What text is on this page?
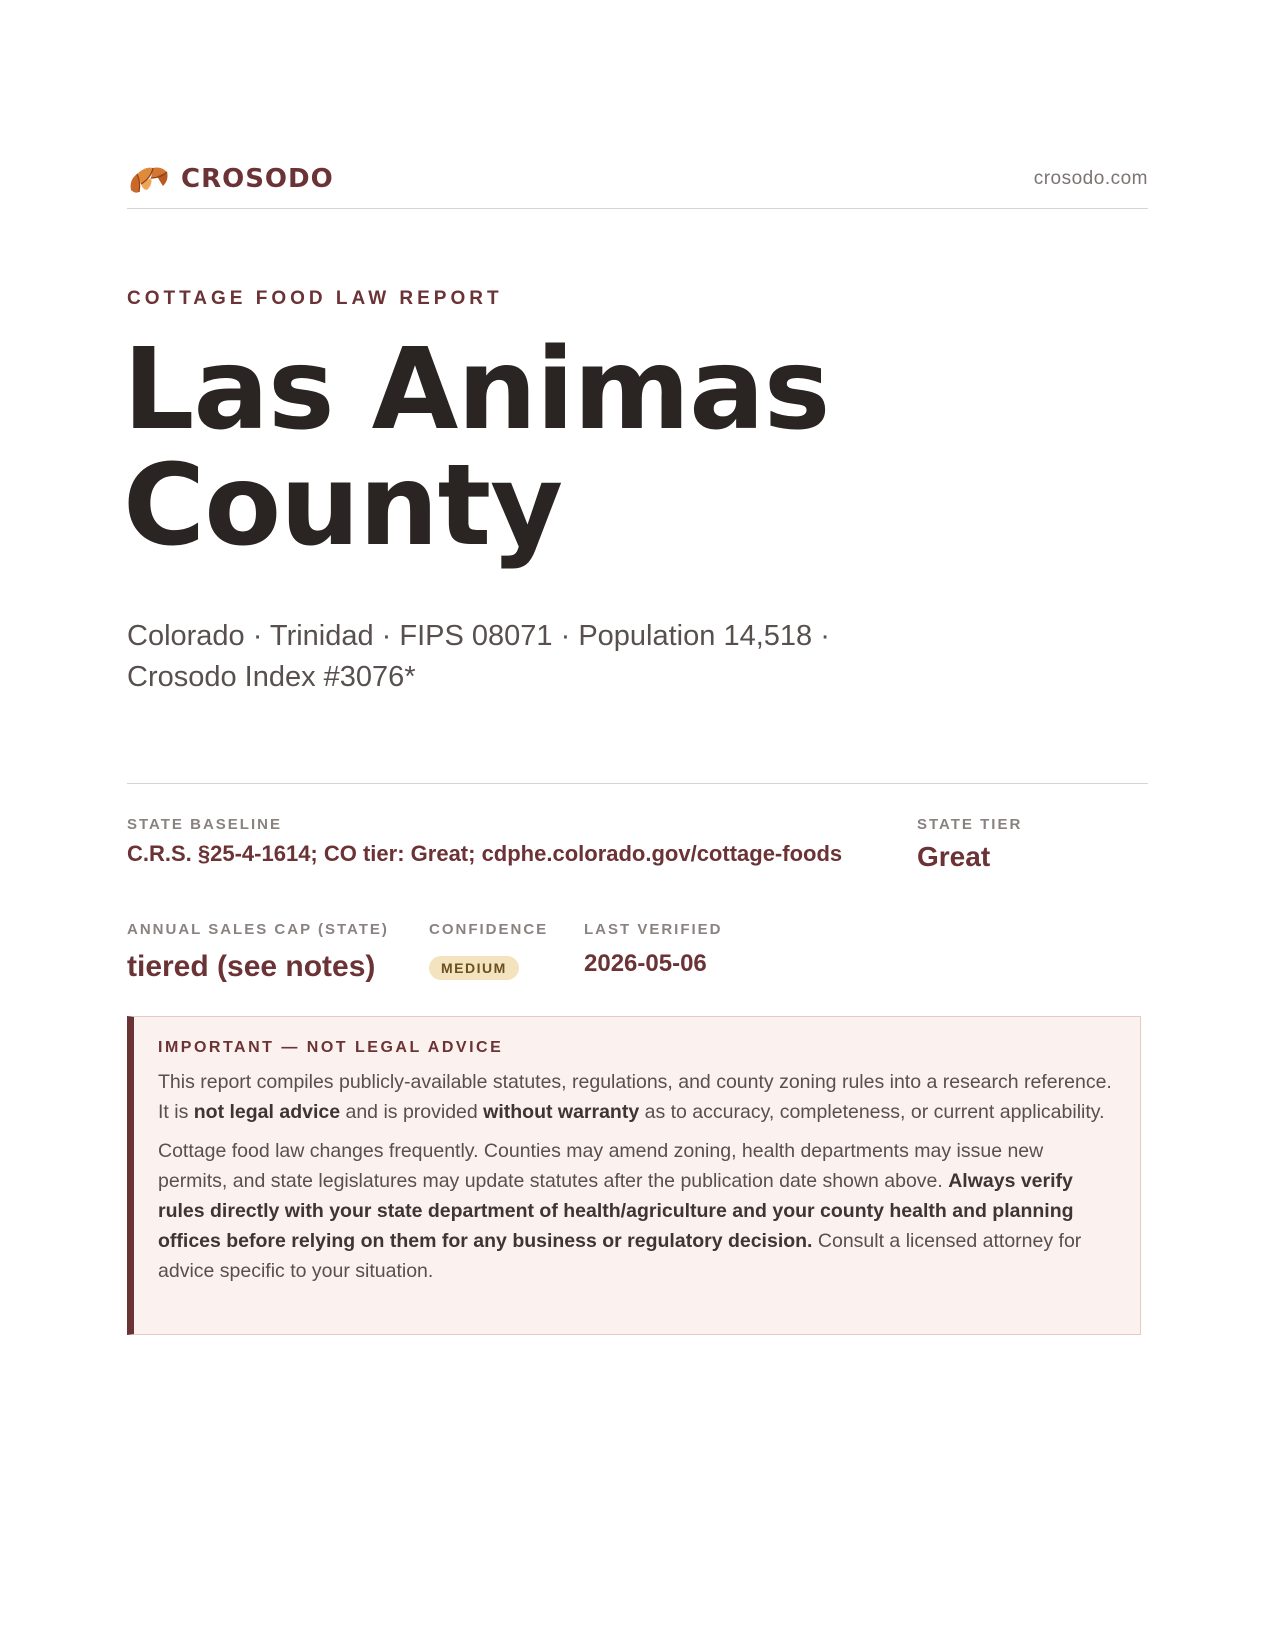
CROSODO	crosodo.com
COTTAGE FOOD LAW REPORT
Las Animas
County
Colorado · Trinidad · FIPS 08071 · Population 14,518 ·
Crosodo Index #3076*
STATE BASELINE
C.R.S. §25-4-1614; CO tier: Great; cdphe.colorado.gov/cottage-foods
STATE TIER
Great
ANNUAL SALES CAP (STATE)
tiered (see notes)
CONFIDENCE
MEDIUM
LAST VERIFIED
2026-05-06
IMPORTANT — NOT LEGAL ADVICE

This report compiles publicly-available statutes, regulations, and county zoning rules into a research reference. It is not legal advice and is provided without warranty as to accuracy, completeness, or current applicability.

Cottage food law changes frequently. Counties may amend zoning, health departments may issue new permits, and state legislatures may update statutes after the publication date shown above. Always verify rules directly with your state department of health/agriculture and your county health and planning offices before relying on them for any business or regulatory decision. Consult a licensed attorney for advice specific to your situation.
